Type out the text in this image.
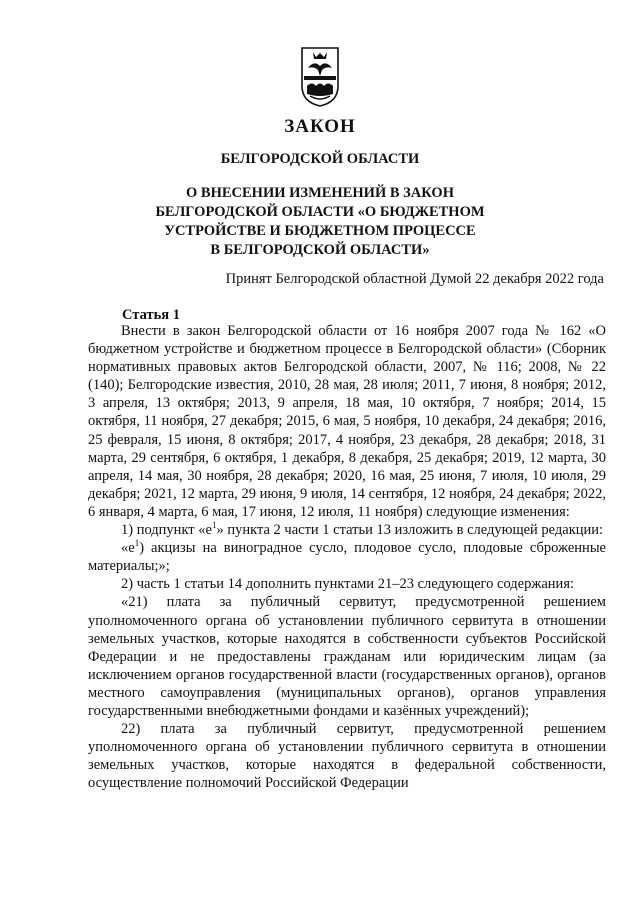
ЗАКОН
БЕЛГОРОДСКОЙ ОБЛАСТИ
О ВНЕСЕНИИ ИЗМЕНЕНИЙ В ЗАКОН
БЕЛГОРОДСКОЙ ОБЛАСТИ «О БЮДЖЕТНОМ
УСТРОЙСТВЕ И БЮДЖЕТНОМ ПРОЦЕССЕ
В БЕЛГОРОДСКОЙ ОБЛАСТИ»
Принят Белгородской областной Думой 22 декабря 2022 года
Статья 1

Внести в закон Белгородской области от 16 ноября 2007 года № 162 «О бюджетном устройстве и бюджетном процессе в Белгородской области» (Сборник нормативных правовых актов Белгородской области, 2007, № 116; 2008, № 22 (140); Белгородские известия, 2010, 28 мая, 28 июля; 2011, 7 июня, 8 ноября; 2012, 3 апреля, 13 октября; 2013, 9 апреля, 18 мая, 10 октября, 7 ноября; 2014, 15 октября, 11 ноября, 27 декабря; 2015, 6 мая, 5 ноября, 10 декабря, 24 декабря; 2016, 25 февраля, 15 июня, 8 октября; 2017, 4 ноября, 23 декабря, 28 декабря; 2018, 31 марта, 29 сентября, 6 октября, 1 декабря, 8 декабря, 25 декабря; 2019, 12 марта, 30 апреля, 14 мая, 30 ноября, 28 декабря; 2020, 16 мая, 25 июня, 7 июля, 10 июля, 29 декабря; 2021, 12 марта, 29 июня, 9 июля, 14 сентября, 12 ноября, 24 декабря; 2022, 6 января, 4 марта, 6 мая, 17 июня, 12 июля, 11 ноября) следующие изменения:

1) подпункт «$е^1$» пункта 2 части 1 статьи 13 изложить в следующей редакции:

«$е^1$) акцизы на виноградное сусло, плодовое сусло, плодовые сброженные материалы;»;

2) часть 1 статьи 14 дополнить пунктами 21–23 следующего содержания:

«21) плата за публичный сервитут, предусмотренной решением уполномоченного органа об установлении публичного сервитута в отношении земельных участков, которые находятся в собственности субъектов Российской Федерации и не предоставлены гражданам или юридическим лицам (за исключением органов государственной власти (государственных органов), органов местного самоуправления (муниципальных органов), органов управления государственными внебюджетными фондами и казённых учреждений);

22) плата за публичный сервитут, предусмотренной решением уполномоченного органа об установлении публичного сервитута в отношении земельных участков, которые находятся в федеральной собственности, осуществление полномочий Российской Федерации
